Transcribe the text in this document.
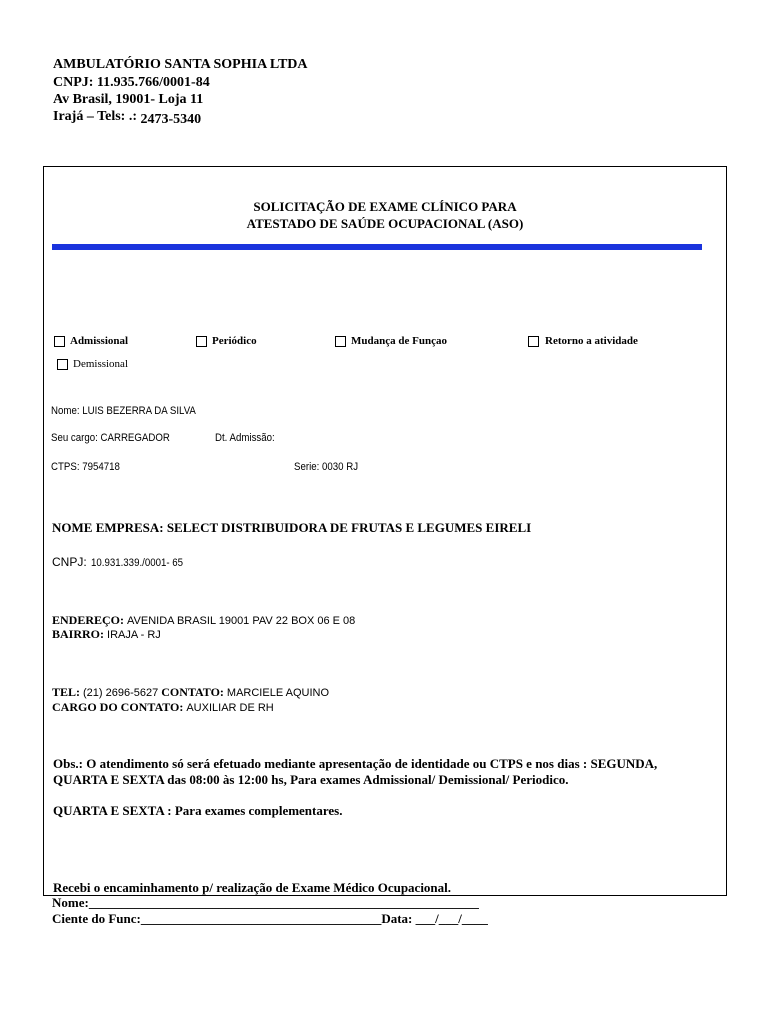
AMBULATÓRIO SANTA SOPHIA LTDA
CNPJ: 11.935.766/0001-84
Av Brasil, 19001- Loja 11
Irajá – Tels: .: 2473-5340
SOLICITAÇÃO DE EXAME CLÍNICO PARA
ATESTADO DE SAÚDE OCUPACIONAL (ASO)
Admissional	Periódico	Mudança de Funçao	Retorno a atividade
Demissional
Nome: LUIS BEZERRA DA SILVA
Seu cargo: CARREGADOR	Dt. Admissão:
CTPS: 7954718	Serie: 0030 RJ
NOME EMPRESA: SELECT DISTRIBUIDORA DE FRUTAS E LEGUMES EIRELI
CNPJ: 10.931.339./0001- 65
ENDEREÇO: AVENIDA BRASIL 19001 PAV 22 BOX 06 E 08
BAIRRO: IRAJA - RJ
TEL: (21) 2696-5627 CONTATO: MARCIELE AQUINO
CARGO DO CONTATO: AUXILIAR DE RH
Obs.: O atendimento só será efetuado mediante apresentação de identidade ou CTPS e nos dias : SEGUNDA,
QUARTA E SEXTA das 08:00 às 12:00 hs, Para exames Admissional/ Demissional/ Periodico.
QUARTA E SEXTA : Para exames complementares.
Recebi o encaminhamento p/ realização de Exame Médico Ocupacional.
Nome:____________________________________________________________
Ciente do Func:_____________________________________Data: ___/___/____
